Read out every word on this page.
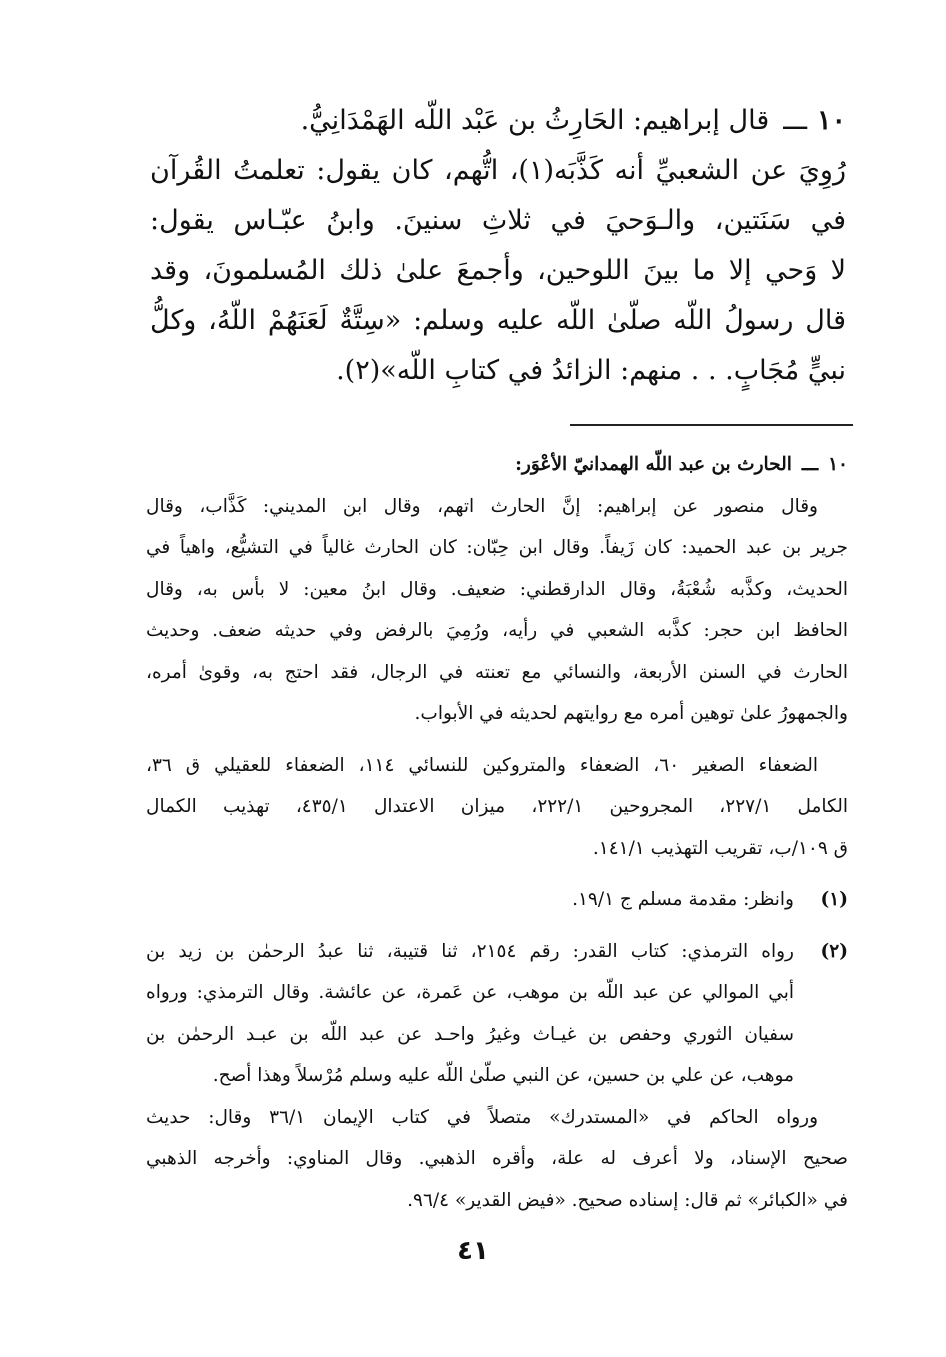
١٠ـــقال إبراهيم: الحَارِثُ بن عَبْد اللّه الهَمْدَانِيُّ.
رُوِيَ عن الشعبيِّ أنه كَذَّبَه(١)، اتُّهم، كان يقول: تعلمتُ القُرآن
في سَنَتين، والـوَحيَ في ثلاثِ سنينَ. وابنُ عبّـاس يقول:
لا وَحي إلا ما بينَ اللوحين، وأجمعَ علىٰ ذلك المُسلمونَ، وقد
قال رسولُ اللّه صلّىٰ اللّه عليه وسلم: «سِتَّةٌ لَعَنَهُمْ اللّهُ، وكلُّ
نبيٍّ مُجَابٍ. . . منهم: الزائدُ في كتابِ اللّه»(٢).
١٠ـــالحارث بن عبد اللّه الهمدانيّ الأعْوَر:
وقال منصور عن إبراهيم: إنَّ الحارث اتهم، وقال ابن المديني: كَذَّاب، وقال
جرير بن عبد الحميد: كان زَيفاً. وقال ابن حِبّان: كان الحارث غالياً في التشيُّع، واهياً في
الحديث، وكذَّبه شُعْبَةُ، وقال الدارقطني: ضعيف. وقال ابنُ معين: لا بأس به، وقال
الحافظ ابن حجر: كذَّبه الشعبي في رأيه، ورُمِيَ بالرفض وفي حديثه ضعف. وحديث
الحارث في السنن الأربعة، والنسائي مع تعنته في الرجال، فقد احتج به، وقوىٰ أمره،
والجمهورُ علىٰ توهين أمره مع روايتهم لحديثه في الأبواب.
الضعفاء الصغير ٦٠، الضعفاء والمتروكين للنسائي ١١٤، الضعفاء للعقيلي ق ٣٦،
الكامل ٢٢٧/١، المجروحين ٢٢٢/١، ميزان الاعتدال ٤٣٥/١، تهذيب الكمال
ق ١٠٩/ب، تقريب التهذيب ١٤١/١.
(١)
وانظر: مقدمة مسلم ج ١٩/١.
(٢)
رواه الترمذي: كتاب القدر: رقم ٢١٥٤، ثنا قتيبة، ثنا عبدُ الرحمٰن بن زيد بن
أبي الموالي عن عبد اللّه بن موهب، عن عَمرة، عن عائشة. وقال الترمذي: ورواه
سفيان الثوري وحفص بن غيـاث وغيرُ واحـد عن عبد اللّه بن عبـد الرحمٰن بن
موهب، عن علي بن حسين، عن النبي صلّىٰ اللّه عليه وسلم مُرْسلاً وهذا أصح.
ورواه الحاكم في «المستدرك» متصلاً في كتاب الإيمان ٣٦/١ وقال: حديث
صحيح الإسناد، ولا أعرف له علة، وأقره الذهبي. وقال المناوي: وأخرجه الذهبي
في «الكبائر» ثم قال: إسناده صحيح. «فيض القدير» ٩٦/٤.
٤١
